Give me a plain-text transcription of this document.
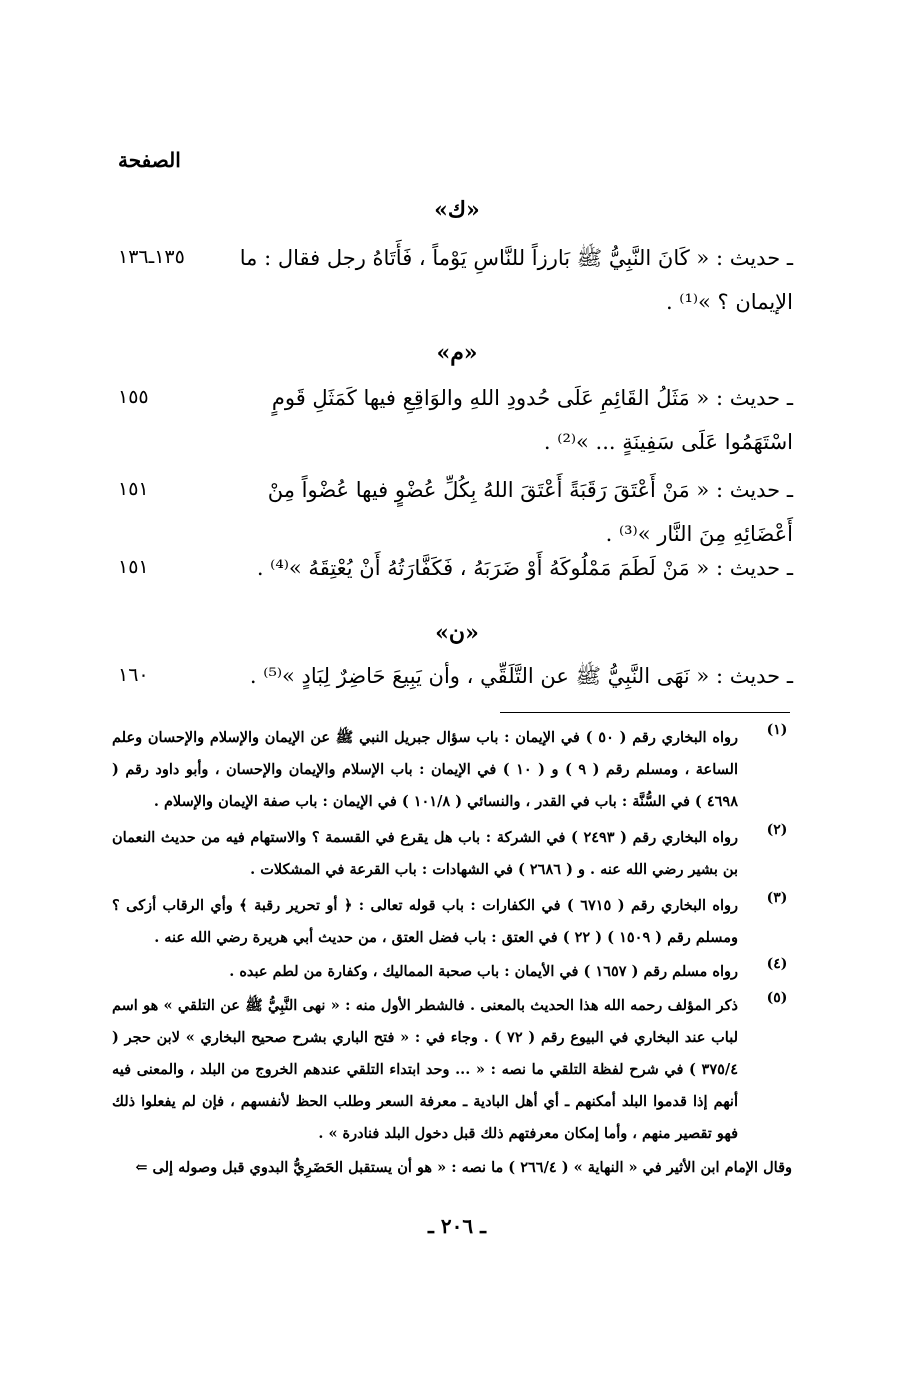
الصفحة
«ك»
ـ حديث : « كَانَ النَّبِيُّ ﷺ بَارزاً للنَّاسِ يَوْماً ، فَأَتَاهُ رجل فقال : ما الإيمان ؟ »⁽¹⁾ .
١٣٥ـ١٣٦
«م»
ـ حديث : « مَثَلُ القَائِمِ عَلَى حُدودِ اللهِ والوَاقِعِ فيها كَمَثَلِ قَومٍ اسْتَهَمُوا عَلَى سَفِينَةٍ ... »⁽²⁾ .
١٥٥
ـ حديث : « مَنْ أَعْتَقَ رَقَبَةً أَعْتَقَ اللهُ بِكُلِّ عُضْوٍ فيها عُضْواً مِنْ أَعْضَائِهِ مِنَ النَّار »⁽³⁾ .
١٥١
ـ حديث : « مَنْ لَطَمَ مَمْلُوكَهُ أَوْ ضَرَبَهُ ، فَكَفَّارَتُهُ أَنْ يُعْتِقَهُ »⁽⁴⁾ .
١٥١
«ن»
ـ حديث : « نَهَى النَّبِيُّ ﷺ عن التَّلَقِّي ، وأن يَبِيعَ حَاضِرٌ لِبَادٍ »⁽⁵⁾ .
١٦٠
(١)
رواه البخاري رقم ( ٥٠ ) في الإيمان : باب سؤال جبريل النبي ﷺ عن الإيمان والإسلام والإحسان وعلم الساعة ، ومسلم رقم ( ٩ ) و ( ١٠ ) في الإيمان : باب الإسلام والإيمان والإحسان ، وأبو داود رقم ( ٤٦٩٨ ) في السُّنَّة : باب في القدر ، والنسائي ( ١٠١/٨ ) في الإيمان : باب صفة الإيمان والإسلام .
(٢)
رواه البخاري رقم ( ٢٤٩٣ ) في الشركة : باب هل يقرع في القسمة ؟ والاستهام فيه من حديث النعمان بن بشير رضي الله عنه . و ( ٢٦٨٦ ) في الشهادات : باب القرعة في المشكلات .
(٣)
رواه البخاري رقم ( ٦٧١٥ ) في الكفارات : باب قوله تعالى : ﴿ أو تحرير رقبة ﴾ وأي الرقاب أزكى ؟ ومسلم رقم ( ١٥٠٩ ) ( ٢٢ ) في العتق : باب فضل العتق ، من حديث أبي هريرة رضي الله عنه .
(٤)
رواه مسلم رقم ( ١٦٥٧ ) في الأيمان : باب صحبة المماليك ، وكفارة من لطم عبده .
(٥)
ذكر المؤلف رحمه الله هذا الحديث بالمعنى . فالشطر الأول منه : « نهى النَّبِيُّ ﷺ عن التلقي » هو اسم لباب عند البخاري في البيوع رقم ( ٧٢ ) . وجاء في : « فتح الباري بشرح صحيح البخاري » لابن حجر ( ٣٧٥/٤ ) في شرح لفظة التلقي ما نصه : « ... وحد ابتداء التلقي عندهم الخروج من البلد ، والمعنى فيه أنهم إذا قدموا البلد أمكنهم ـ أي أهل البادية ـ معرفة السعر وطلب الحظ لأنفسهم ، فإن لم يفعلوا ذلك فهو تقصير منهم ، وأما إمكان معرفتهم ذلك قبل دخول البلد فنادرة » .
وقال الإمام ابن الأثير في « النهاية » ( ٢٦٦/٤ ) ما نصه : « هو أن يستقبل الحَضَرِيُّ البدوي قبل وصوله إلى ⇐
ـ ٢٠٦ ـ
